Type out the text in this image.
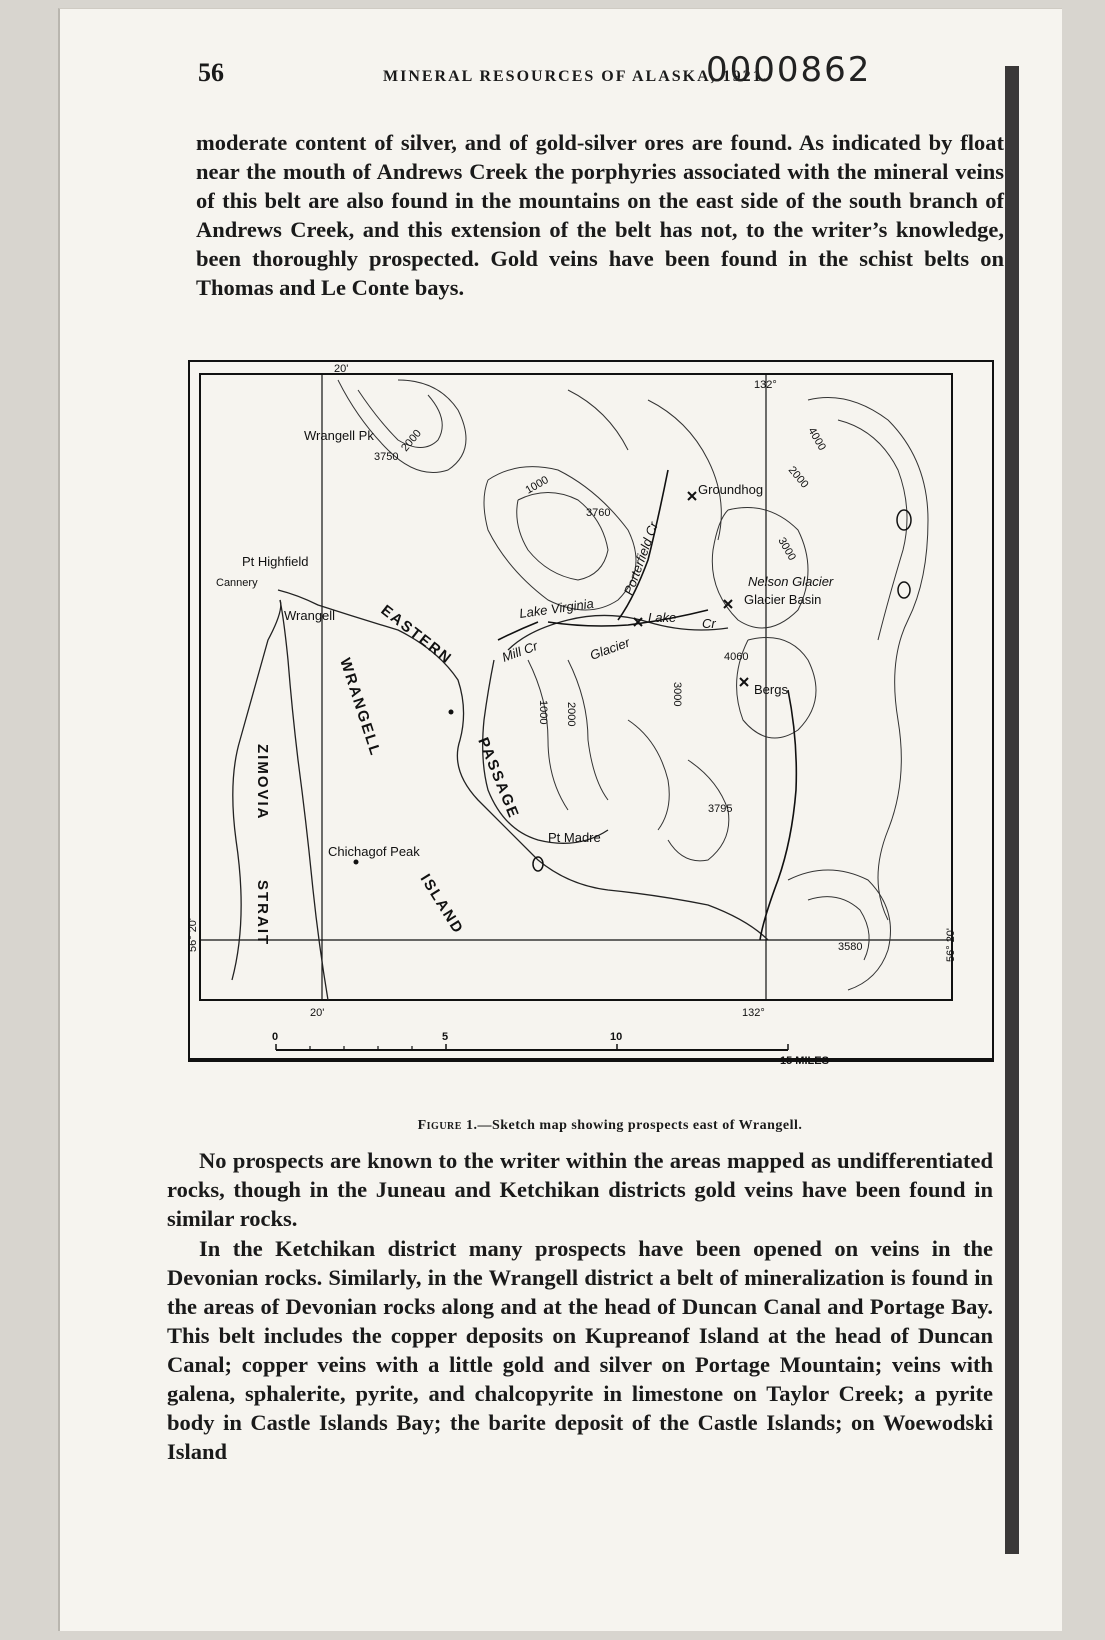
56	MINERAL RESOURCES OF ALASKA, 1921.
0000862
moderate content of silver, and of gold-silver ores are found. As indicated by float near the mouth of Andrews Creek the porphyries associated with the mineral veins of this belt are also found in the mountains on the east side of the south branch of Andrews Creek, and this extension of the belt has not, to the writer’s knowledge, been thoroughly prospected. Gold veins have been found in the schist belts on Thomas and Le Conte bays.
20'
132°
20'	132°
56° 20'	56° 20'
Wrangell Pk
Pt Highfield
Cannery
Wrangell
Chichagof Peak
Pt Madre
Groundhog
Nelson Glacier
Glacier Basin
Bergs
Lake Virginia	Lake Cr
Glacier
Porterfield Cr
Mill Cr
EASTERN
PASSAGE
WRANGELL
ISLAND
ZIMOVIA
STRAIT
3750
2000
1000
3760
3000
4000
2000
4060
1000 2000
3000
3795
3580
0	5	10
15 MILES
Figure 1.—Sketch map showing prospects east of Wrangell.
No prospects are known to the writer within the areas mapped as undifferentiated rocks, though in the Juneau and Ketchikan districts gold veins have been found in similar rocks.
In the Ketchikan district many prospects have been opened on veins in the Devonian rocks. Similarly, in the Wrangell district a belt of mineralization is found in the areas of Devonian rocks along and at the head of Duncan Canal and Portage Bay. This belt includes the copper deposits on Kupreanof Island at the head of Duncan Canal; copper veins with a little gold and silver on Portage Mountain; veins with galena, sphalerite, pyrite, and chalcopyrite in limestone on Taylor Creek; a pyrite body in Castle Islands Bay; the barite deposit of the Castle Islands; on Woewodski Island
